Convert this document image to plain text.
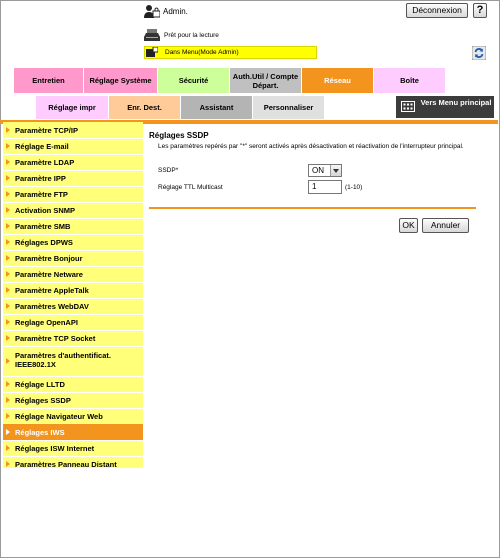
Admin.	Déconnexion	?
Prêt pour la lecture
Dans Menu(Mode Admin)
Entretien	Réglage Système	Sécurité	Auth.Util / Compte Départ.	Réseau	Boîte
Réglage impr	Enr. Dest.	Assistant	Personnaliser
Vers Menu principal
Paramètre TCP/IP
Réglage E-mail
Paramètre LDAP
Paramètre IPP
Paramètre FTP
Activation SNMP
Paramètre SMB
Réglages DPWS
Paramètre Bonjour
Paramètre Netware
Paramètre AppleTalk
Paramètres WebDAV
Reglage OpenAPI
Paramètre TCP Socket
Paramètres d'authentificat. IEEE802.1X
Réglage LLTD
Réglages SSDP
Réglage Navigateur Web
Réglages IWS
Réglages ISW Internet
Paramètres Panneau Distant
Réglages SSDP
Les paramètres repérés par "*" seront activés après désactivation et réactivation de l'interrupteur principal.
SSDP*	ON
Réglage TTL Multicast	1	(1-10)
OK	Annuler
